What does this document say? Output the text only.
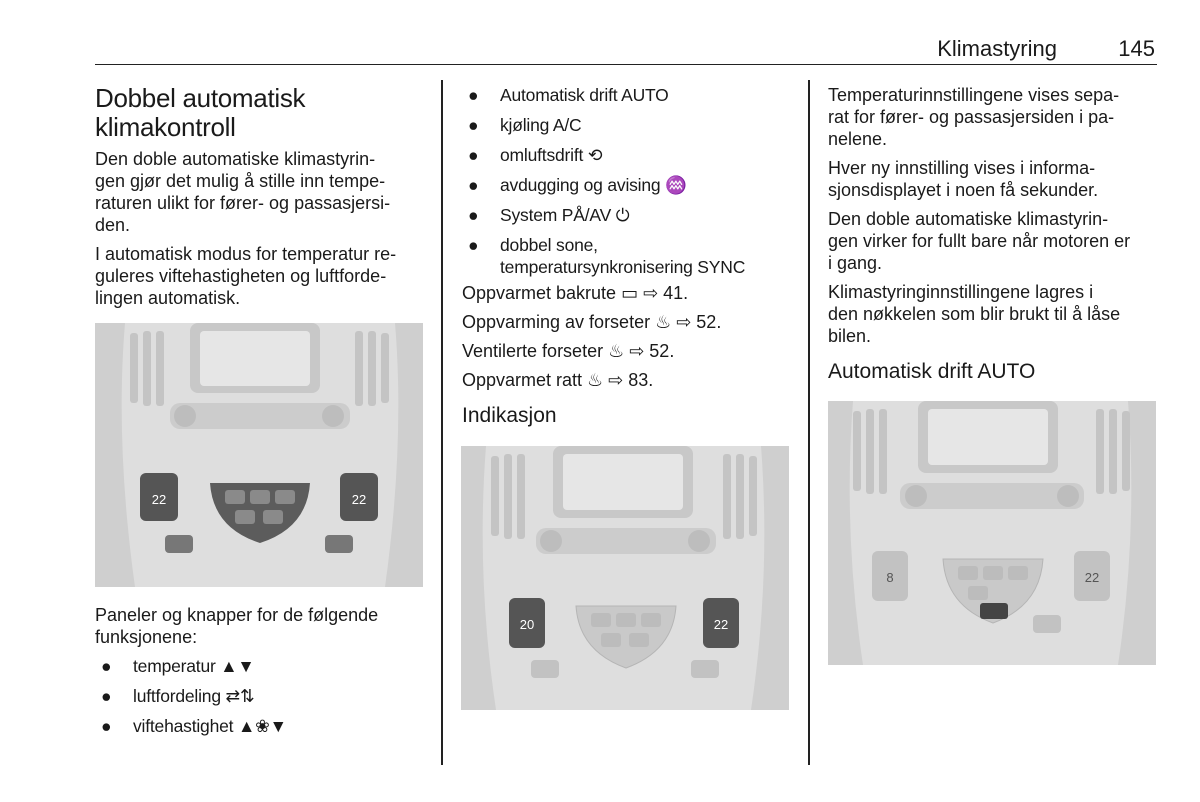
Klimastyring	145
Dobbel automatisk
klimakontroll

Den doble automatiske klimastyrin-
gen gjør det mulig å stille inn tempe-
raturen ulikt for fører- og passasjersi-
den.

I automatisk modus for temperatur re-
guleres viftehastigheten og luftforde-
lingen automatisk.

22	22

Paneler og knapper for de følgende
funksjonene:

● temperatur ▲▼
● luftfordeling ⇄⇅
● viftehastighet ▲❀▼
● Automatisk drift AUTO
● kjøling A/C
● omluftsdrift ⟲
● avdugging og avising ♒
● System PÅ/AV ⏻
● dobbel sone,
temperatursynkronisering SYNC

Oppvarmet bakrute ▭ ⇨ 41.

Oppvarming av forseter ♨ ⇨ 52.

Ventilerte forseter ♨ ⇨ 52.

Oppvarmet ratt ♨ ⇨ 83.

Indikasjon
20	22

Temperaturinnstillingene vises sepa-
rat for fører- og passasjersiden i pa-
nelene.

Hver ny innstilling vises i informa-
sjonsdisplayet i noen få sekunder.

Den doble automatiske klimastyrin-
gen virker for fullt bare når motoren er
i gang.

Klimastyringinnstillingene lagres i
den nøkkelen som blir brukt til å låse
bilen.

Automatisk drift AUTO
8	22
